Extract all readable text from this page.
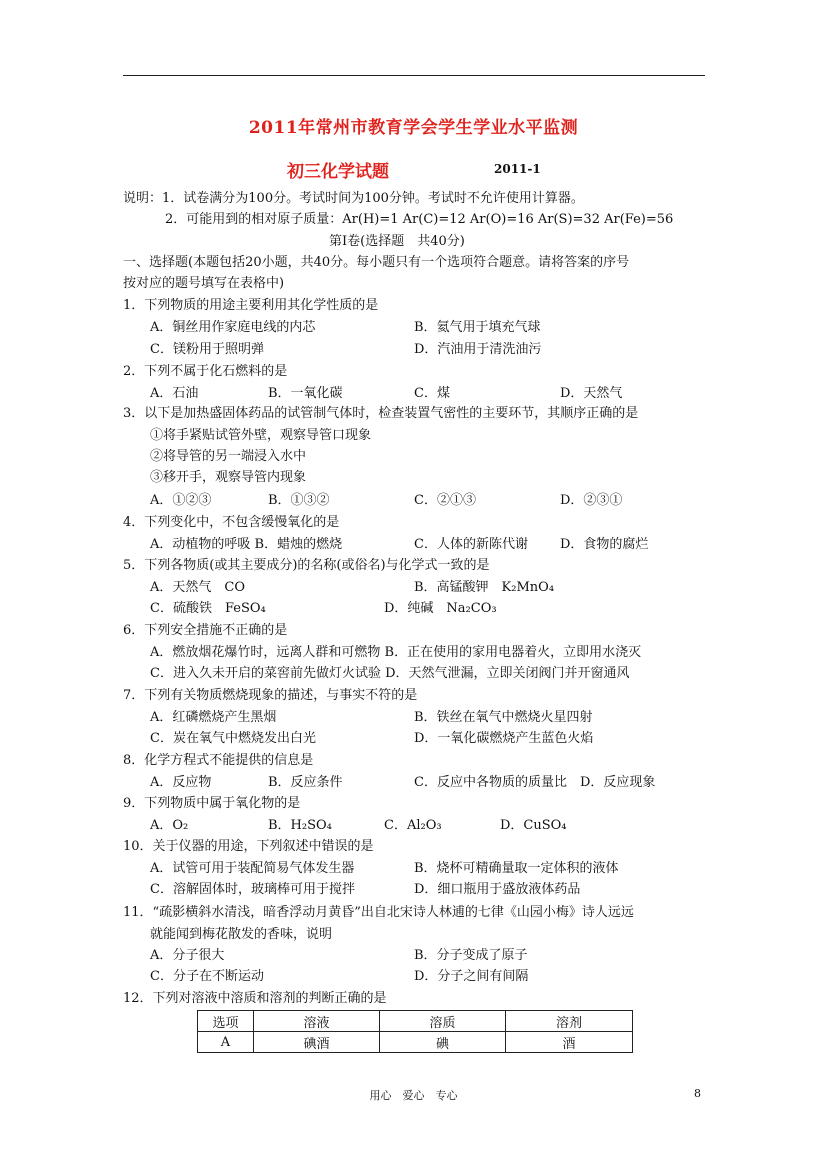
2011年常州市教育学会学生学业水平监测
初三化学试题	2011-1
说明：1．试卷满分为100分。考试时间为100分钟。考试时不允许使用计算器。
2．可能用到的相对原子质量：Ar(H)=1 Ar(C)=12 Ar(O)=16 Ar(S)=32 Ar(Fe)=56
第Ⅰ卷(选择题　共40分)
一、选择题(本题包括20小题，共40分。每小题只有一个选项符合题意。请将答案的序号
按对应的题号填写在表格中)
1．下列物质的用途主要利用其化学性质的是
A．铜丝用作家庭电线的内芯	B．氦气用于填充气球
C．镁粉用于照明弹	D．汽油用于清洗油污
2．下列不属于化石燃料的是
A．石油	B．一氧化碳	C．煤	D．天然气
3．以下是加热盛固体药品的试管制气体时，检查装置气密性的主要环节，其顺序正确的是
①将手紧贴试管外壁，观察导管口现象
②将导管的另一端浸入水中
③移开手，观察导管内现象
A．①②③	B．①③②	C．②①③	D．②③①
4．下列变化中，不包含缓慢氧化的是
A．动植物的呼吸 B．蜡烛的燃烧	C．人体的新陈代谢 D．食物的腐烂
5．下列各物质(或其主要成分)的名称(或俗名)与化学式一致的是
A．天然气　CO	B．高锰酸钾　K₂MnO₄
C．硫酸铁　FeSO₄	D．纯碱　Na₂CO₃
6．下列安全措施不正确的是
A．燃放烟花爆竹时，远离人群和可燃物 B．正在使用的家用电器着火，立即用水浇灭
C．进入久未开启的菜窖前先做灯火试验 D．天然气泄漏，立即关闭阀门并开窗通风
7．下列有关物质燃烧现象的描述，与事实不符的是
A．红磷燃烧产生黑烟	B．铁丝在氧气中燃烧火星四射
C．炭在氧气中燃烧发出白光	D．一氧化碳燃烧产生蓝色火焰
8．化学方程式不能提供的信息是
A．反应物	B．反应条件	C．反应中各物质的质量比　D．反应现象
9．下列物质中属于氧化物的是
A．O₂	B．H₂SO₄	C．Al₂O₃	D．CuSO₄
10．关于仪器的用途，下列叙述中错误的是
A．试管可用于装配简易气体发生器	B．烧杯可精确量取一定体积的液体
C．溶解固体时，玻璃棒可用于搅拌	D．细口瓶用于盛放液体药品
11．“疏影横斜水清浅，暗香浮动月黄昏”出自北宋诗人林逋的七律《山园小梅》诗人远远
就能闻到梅花散发的香味，说明
A．分子很大	B．分子变成了原子
C．分子在不断运动	D．分子之间有间隔
12．下列对溶液中溶质和溶剂的判断正确的是
选项	溶液	溶质	溶剂
A	碘酒	碘	酒
用心　爱心　专心	8
